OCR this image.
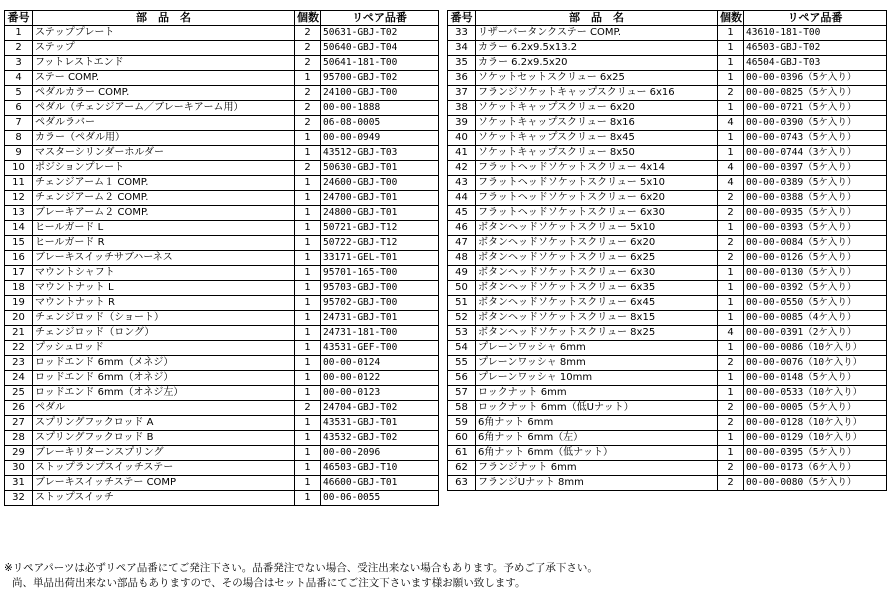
番号	部　品　名	個数	リペア品番
1	ステッププレート	2	50631-GBJ-T02
2	ステップ	2	50640-GBJ-T04
3	フットレストエンド	2	50641-181-T00
4	ステー COMP.	1	95700-GBJ-T02
5	ペダルカラー COMP.	2	24100-GBJ-T00
6	ペダル（チェンジアーム／ブレーキアーム用）	2	00-00-1888
7	ペダルラバー	2	06-08-0005
8	カラー（ペダル用）	1	00-00-0949
9	マスターシリンダーホルダー	1	43512-GBJ-T03
10	ポジションプレート	2	50630-GBJ-T01
11	チェンジアーム１ COMP.	1	24600-GBJ-T00
12	チェンジアーム２ COMP.	1	24700-GBJ-T01
13	ブレーキアーム２ COMP.	1	24800-GBJ-T01
14	ヒールガード L	1	50721-GBJ-T12
15	ヒールガード R	1	50722-GBJ-T12
16	ブレーキスイッチサブハーネス	1	33171-GEL-T01
17	マウントシャフト	1	95701-165-T00
18	マウントナット L	1	95703-GBJ-T00
19	マウントナット R	1	95702-GBJ-T00
20	チェンジロッド（ショート）	1	24731-GBJ-T01
21	チェンジロッド（ロング）	1	24731-181-T00
22	プッシュロッド	1	43531-GEF-T00
23	ロッドエンド 6mm（メネジ）	1	00-00-0124
24	ロッドエンド 6mm（オネジ）	1	00-00-0122
25	ロッドエンド 6mm（オネジ左）	1	00-00-0123
26	ペダル	2	24704-GBJ-T02
27	スプリングフックロッド A	1	43531-GBJ-T01
28	スプリングフックロッド B	1	43532-GBJ-T02
29	ブレーキリターンスプリング	1	00-00-2096
30	ストップランプスイッチステー	1	46503-GBJ-T10
31	ブレーキスイッチステー COMP	1	46600-GBJ-T01
32	ストップスイッチ	1	00-06-0055
番号	部　品　名	個数	リペア品番
33	リザーバータンクステー COMP.	1	43610-181-T00
34	カラー 6.2x9.5x13.2	1	46503-GBJ-T02
35	カラー 6.2x9.5x20	1	46504-GBJ-T03
36	ソケットセットスクリュー 6x25	1	00-00-0396（5ケ入り）
37	フランジソケットキャップスクリュー 6x16	2	00-00-0825（5ケ入り）
38	ソケットキャップスクリュー 6x20	1	00-00-0721（5ケ入り）
39	ソケットキャップスクリュー 8x16	4	00-00-0390（5ケ入り）
40	ソケットキャップスクリュー 8x45	1	00-00-0743（5ケ入り）
41	ソケットキャップスクリュー 8x50	1	00-00-0744（3ケ入り）
42	フラットヘッドソケットスクリュー 4x14	4	00-00-0397（5ケ入り）
43	フラットヘッドソケットスクリュー 5x10	4	00-00-0389（5ケ入り）
44	フラットヘッドソケットスクリュー 6x20	2	00-00-0388（5ケ入り）
45	フラットヘッドソケットスクリュー 6x30	2	00-00-0935（5ケ入り）
46	ボタンヘッドソケットスクリュー 5x10	1	00-00-0393（5ケ入り）
47	ボタンヘッドソケットスクリュー 6x20	2	00-00-0084（5ケ入り）
48	ボタンヘッドソケットスクリュー 6x25	2	00-00-0126（5ケ入り）
49	ボタンヘッドソケットスクリュー 6x30	1	00-00-0130（5ケ入り）
50	ボタンヘッドソケットスクリュー 6x35	1	00-00-0392（5ケ入り）
51	ボタンヘッドソケットスクリュー 6x45	1	00-00-0550（5ケ入り）
52	ボタンヘッドソケットスクリュー 8x15	1	00-00-0085（4ケ入り）
53	ボタンヘッドソケットスクリュー 8x25	4	00-00-0391（2ケ入り）
54	プレーンワッシャ 6mm	1	00-00-0086（10ケ入り）
55	プレーンワッシャ 8mm	2	00-00-0076（10ケ入り）
56	プレーンワッシャ 10mm	1	00-00-0148（5ケ入り）
57	ロックナット 6mm	1	00-00-0533（10ケ入り）
58	ロックナット 6mm（低Uナット）	2	00-00-0005（5ケ入り）
59	6角ナット 6mm	2	00-00-0128（10ケ入り）
60	6角ナット 6mm（左）	1	00-00-0129（10ケ入り）
61	6角ナット 6mm（低ナット）	1	00-00-0395（5ケ入り）
62	フランジナット 6mm	2	00-00-0173（6ケ入り）
63	フランジUナット 8mm	2	00-00-0080（5ケ入り）
※リペアパーツは必ずリペア品番にてご発注下さい。品番発注でない場合、受注出来ない場合もあります。予めご了承下さい。
尚、単品出荷出来ない部品もありますので、その場合はセット品番にてご注文下さいます様お願い致します。
